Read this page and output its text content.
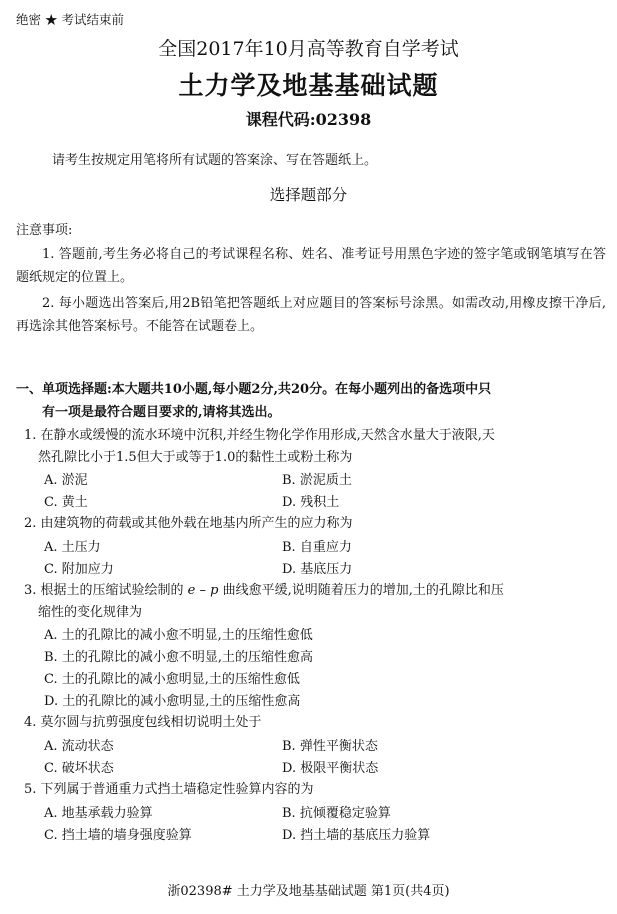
绝密 ★ 考试结束前
全国2017年10月高等教育自学考试
土力学及地基基础试题
课程代码:02398
请考生按规定用笔将所有试题的答案涂、写在答题纸上。
选择题部分
注意事项:
1. 答题前,考生务必将自己的考试课程名称、姓名、准考证号用黑色字迹的签字笔或钢笔填写在答题纸规定的位置上。
2. 每小题选出答案后,用2B铅笔把答题纸上对应题目的答案标号涂黑。如需改动,用橡皮擦干净后,再选涂其他答案标号。不能答在试题卷上。
一、单项选择题:本大题共10小题,每小题2分,共20分。在每小题列出的备选项中只
有一项是最符合题目要求的,请将其选出。
1. 在静水或缓慢的流水环境中沉积,并经生物化学作用形成,天然含水量大于液限,天
然孔隙比小于1.5但大于或等于1.0的黏性土或粉土称为
A. 淤泥	B. 淤泥质土
C. 黄土	D. 残积土
2. 由建筑物的荷载或其他外载在地基内所产生的应力称为
A. 土压力	B. 自重应力
C. 附加应力	D. 基底压力
3. 根据土的压缩试验绘制的 e – p 曲线愈平缓,说明随着压力的增加,土的孔隙比和压
缩性的变化规律为
A. 土的孔隙比的减小愈不明显,土的压缩性愈低
B. 土的孔隙比的减小愈不明显,土的压缩性愈高
C. 土的孔隙比的减小愈明显,土的压缩性愈低
D. 土的孔隙比的减小愈明显,土的压缩性愈高
4. 莫尔圆与抗剪强度包线相切说明土处于
A. 流动状态	B. 弹性平衡状态
C. 破坏状态	D. 极限平衡状态
5. 下列属于普通重力式挡土墙稳定性验算内容的为
A. 地基承载力验算	B. 抗倾覆稳定验算
C. 挡土墙的墙身强度验算	D. 挡土墙的基底压力验算
浙02398# 土力学及地基基础试题 第1页(共4页)
